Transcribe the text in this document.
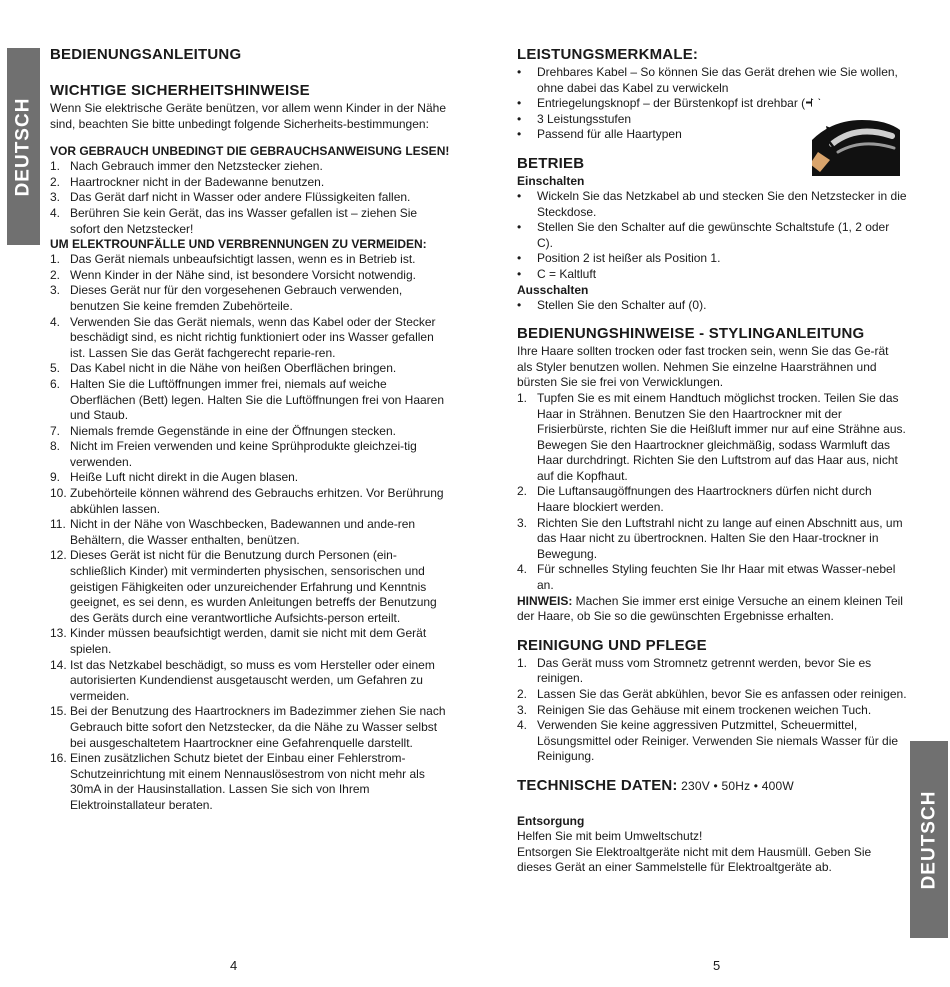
DEUTSCH
BEDIENUNGSANLEITUNG
WICHTIGE SICHERHEITSHINWEISE

Wenn Sie elektrische Geräte benützen, vor allem wenn Kinder in der Nähe sind, beachten Sie bitte unbedingt folgende Sicherheits-bestimmungen:

VOR GEBRAUCH UNBEDINGT DIE GEBRAUCHSANWEISUNG LESEN!
1. Nach Gebrauch immer den Netzstecker ziehen.
2. Haartrockner nicht in der Badewanne benutzen.
3. Das Gerät darf nicht in Wasser oder andere Flüssigkeiten fallen.
4. Berühren Sie kein Gerät, das ins Wasser gefallen ist – ziehen Sie sofort den Netzstecker!
UM ELEKTROUNFÄLLE UND VERBRENNUNGEN ZU VERMEIDEN:
1. Das Gerät niemals unbeaufsichtigt lassen, wenn es in Betrieb ist.
2. Wenn Kinder in der Nähe sind, ist besondere Vorsicht notwendig.
3. Dieses Gerät nur für den vorgesehenen Gebrauch verwenden, benutzen Sie keine fremden Zubehörteile.
4. Verwenden Sie das Gerät niemals, wenn das Kabel oder der Stecker beschädigt sind, es nicht richtig funktioniert oder ins Wasser gefallen ist. Lassen Sie das Gerät fachgerecht reparie-ren.
5. Das Kabel nicht in die Nähe von heißen Oberflächen bringen.
6. Halten Sie die Luftöffnungen immer frei, niemals auf weiche Oberflächen (Bett) legen. Halten Sie die Luftöffnungen frei von Haaren und Staub.
7. Niemals fremde Gegenstände in eine der Öffnungen stecken.
8. Nicht im Freien verwenden und keine Sprühprodukte gleichzei-tig verwenden.
9. Heiße Luft nicht direkt in die Augen blasen.
10. Zubehörteile können während des Gebrauchs erhitzen. Vor Berührung abkühlen lassen.
11. Nicht in der Nähe von Waschbecken, Badewannen und ande-ren Behältern, die Wasser enthalten, benützen.
12. Dieses Gerät ist nicht für die Benutzung durch Personen (ein-schließlich Kinder) mit verminderten physischen, sensorischen und geistigen Fähigkeiten oder unzureichender Erfahrung und Kenntnis geeignet, es sei denn, es wurden Anleitungen betreffs der Benutzung des Geräts durch eine verantwortliche Aufsichts-person erteilt.
13. Kinder müssen beaufsichtigt werden, damit sie nicht mit dem Gerät spielen.
14. Ist das Netzkabel beschädigt, so muss es vom Hersteller oder einem autorisierten Kundendienst ausgetauscht werden, um Gefahren zu vermeiden.
15. Bei der Benutzung des Haartrockners im Badezimmer ziehen Sie nach Gebrauch bitte sofort den Netzstecker, da die Nähe zu Wasser selbst bei ausgeschaltetem Haartrockner eine Gefahrenquelle darstellt.
16. Einen zusätzlichen Schutz bietet der Einbau einer Fehlerstrom-Schutzeinrichtung mit einem Nennauslösestrom von nicht mehr als 30mA in der Hausinstallation. Lassen Sie sich von Ihrem Elektroinstallateur beraten.
4
LEISTUNGSMERKMALE:
• Drehbares Kabel – So können Sie das Gerät drehen wie Sie wollen, ohne dabei das Kabel zu verwickeln
• Entriegelungsknopf – der Bürstenkopf ist drehbar (
• 3 Leistungsstufen
• Passend für alle Haartypen
BETRIEB
Einschalten
• Wickeln Sie das Netzkabel ab und stecken Sie den Netzstecker in die Steckdose.
• Stellen Sie den Schalter auf die gewünschte Schaltstufe (1, 2 oder C).
• Position 2 ist heißer als Position 1.
• C = Kaltluft
Ausschalten
• Stellen Sie den Schalter auf (0).
BEDIENUNGSHINWEISE - STYLINGANLEITUNG

Ihre Haare sollten trocken oder fast trocken sein, wenn Sie das Ge-rät als Styler benutzen wollen. Nehmen Sie einzelne Haarsträhnen und bürsten Sie sie frei von Verwicklungen.

1. Tupfen Sie es mit einem Handtuch möglichst trocken. Teilen Sie das Haar in Strähnen. Benutzen Sie den Haartrockner mit der Frisierbürste, richten Sie die Heißluft immer nur auf eine Strähne aus. Bewegen Sie den Haartrockner gleichmäßig, sodass Warmluft das Haar durchdringt. Richten Sie den Luftstrom auf das Haar aus, nicht auf die Kopfhaut.
2. Die Luftansaugöffnungen des Haartrockners dürfen nicht durch Haare blockiert werden.
3. Richten Sie den Luftstrahl nicht zu lange auf einen Abschnitt aus, um das Haar nicht zu übertrocknen. Halten Sie den Haar-trockner in Bewegung.
4. Für schnelles Styling feuchten Sie Ihr Haar mit etwas Wasser-nebel an.

HINWEIS: Machen Sie immer erst einige Versuche an einem kleinen Teil der Haare, ob Sie so die gewünschten Ergebnisse erhalten.

REINIGUNG UND PFLEGE
1. Das Gerät muss vom Stromnetz getrennt werden, bevor Sie es reinigen.
2. Lassen Sie das Gerät abkühlen, bevor Sie es anfassen oder reinigen.
3. Reinigen Sie das Gehäuse mit einem trockenen weichen Tuch.
4. Verwenden Sie keine aggressiven Putzmittel, Scheuermittel, Lösungsmittel oder Reiniger. Verwenden Sie niemals Wasser für die Reinigung.
TECHNISCHE DATEN: 230V • 50Hz • 400W
Entsorgung

Helfen Sie mit beim Umweltschutz!

Entsorgen Sie Elektroaltgeräte nicht mit dem Hausmüll. Geben Sie dieses Gerät an einer Sammelstelle für Elektroaltgeräte ab.

5
DEUTSCH
